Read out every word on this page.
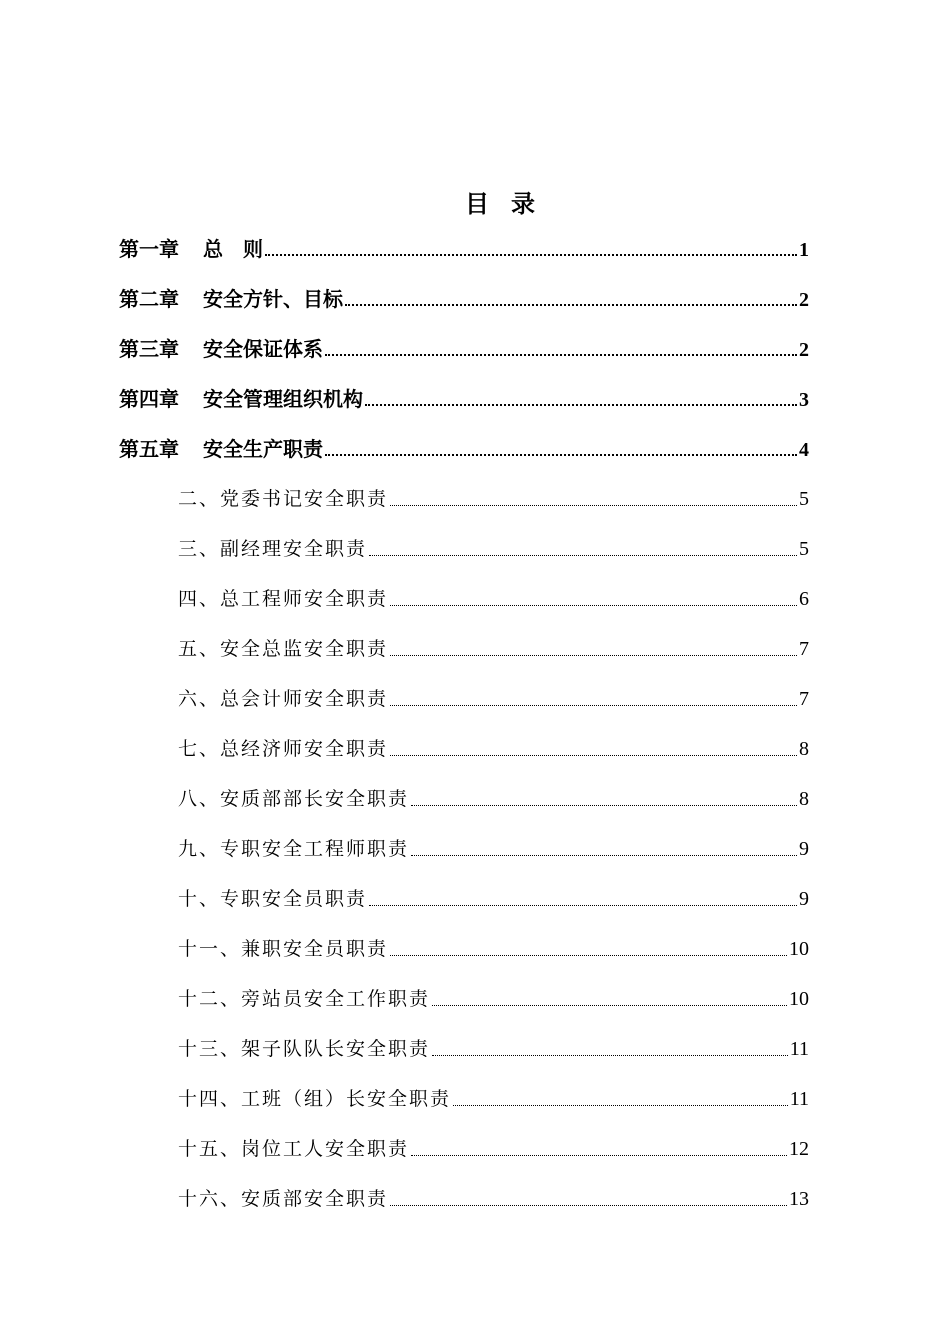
目 录
第一章 总　则	1
第二章 安全方针、目标	2
第三章 安全保证体系	2
第四章 安全管理组织机构	3
第五章 安全生产职责	4
二、 党委书记安全职责	5
三、 副经理安全职责	5
四、 总工程师安全职责	6
五、 安全总监安全职责	7
六、 总会计师安全职责	7
七、 总经济师安全职责	8
八、 安质部部长安全职责	8
九、 专职安全工程师职责	9
十、 专职安全员职责	9
十一、 兼职安全员职责	10
十二、 旁站员安全工作职责	10
十三、 架子队队长安全职责	11
十四、 工班（组）长安全职责	11
十五、 岗位工人安全职责	12
十六、 安质部安全职责	13
